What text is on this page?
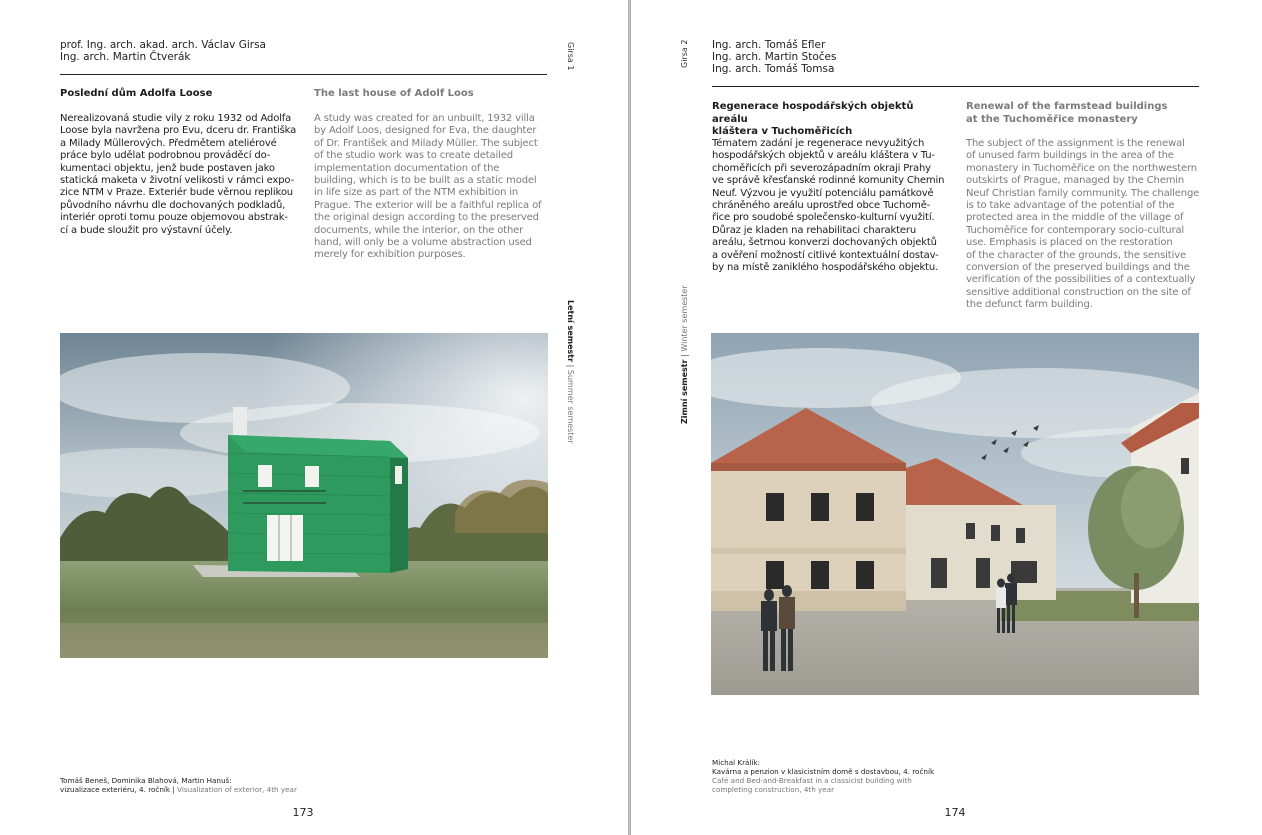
prof. Ing. arch. akad. arch. Václav Girsa
Ing. arch. Martin Čtverák	Girsa 1
Poslední dům Adolfa Loose	The last house of Adolf Loos
Nerealizovaná studie vily z roku 1932 od Adolfa
Loose byla navržena pro Evu, dceru dr. Františka
a Milady Müllerových. Předmětem ateliérové
práce bylo udělat podrobnou prováděcí do-
kumentaci objektu, jenž bude postaven jako
statická maketa v životní velikosti v rámci expo-
zice NTM v Praze. Exteriér bude věrnou replikou
původního návrhu dle dochovaných podkladů,
interiér oproti tomu pouze objemovou abstrak-
cí a bude sloužit pro výstavní účely.
A study was created for an unbuilt, 1932 villa
by Adolf Loos, designed for Eva, the daughter
of Dr. František and Milady Müller. The subject
of the studio work was to create detailed
implementation documentation of the
building, which is to be built as a static model
in life size as part of the NTM exhibition in
Prague. The exterior will be a faithful replica of
the original design according to the preserved
documents, while the interior, on the other
hand, will only be a volume abstraction used
merely for exhibition purposes.
Letní semestr | Summer semester
Tomáš Beneš, Dominika Blahová, Martin Hanuš:
vizualizace exteriéru, 4. ročník | Visualization of exterior, 4th year
173
Girsa 2 Ing. arch. Tomáš Efler
Ing. arch. Martin Stočes
Ing. arch. Tomáš Tomsa
Regenerace hospodářských objektů areálu
kláštera v Tuchoměřicích
Renewal of the farmstead buildings
at the Tuchoměřice monastery
Tématem zadání je regenerace nevyužitých
hospodářských objektů v areálu kláštera v Tu-
choměřicích při severozápadním okraji Prahy
ve správě křesťanské rodinné komunity Chemin
Neuf. Výzvou je využití potenciálu památkově
chráněného areálu uprostřed obce Tuchomě-
řice pro soudobé společensko-kulturní využití.
Důraz je kladen na rehabilitaci charakteru
areálu, šetrnou konverzi dochovaných objektů
a ověření možností citlivé kontextuální dostav-
by na místě zaniklého hospodářského objektu.
The subject of the assignment is the renewal
of unused farm buildings in the area of the
monastery in Tuchoměřice on the northwestern
outskirts of Prague, managed by the Chemin
Neuf Christian family community. The challenge
is to take advantage of the potential of the
protected area in the middle of the village of
Tuchoměřice for contemporary socio-cultural
use. Emphasis is placed on the restoration
of the character of the grounds, the sensitive
conversion of the preserved buildings and the
verification of the possibilities of a contextually
sensitive additional construction on the site of
the defunct farm building.
Zimní semestr | Winter semester
Michal Králík:
Kavárna a penzion v klasicistním domě s dostavbou, 4. ročník
Café and Bed-and-Breakfast in a classicist building with
completing construction, 4th year
174
